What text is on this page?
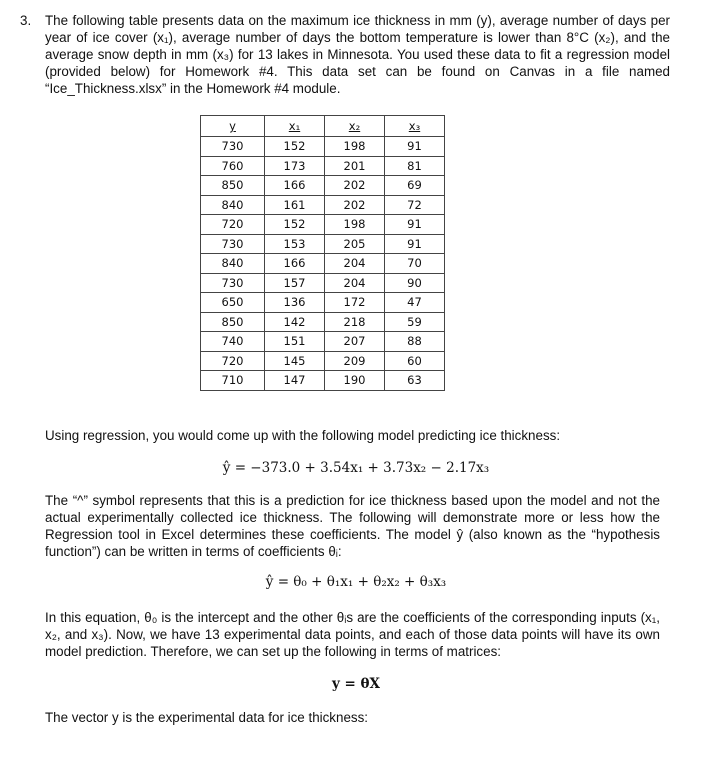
3. The following table presents data on the maximum ice thickness in mm (y), average number of days per year of ice cover (x₁), average number of days the bottom temperature is lower than 8°C (x₂), and the average snow depth in mm (x₃) for 13 lakes in Minnesota. You used these data to fit a regression model (provided below) for Homework #4. This data set can be found on Canvas in a file named “Ice_Thickness.xlsx” in the Homework #4 module.
y	x₁	x₂	x₃
730	152	198	91
760	173	201	81
850	166	202	69
840	161	202	72
720	152	198	91
730	153	205	91
840	166	204	70
730	157	204	90
650	136	172	47
850	142	218	59
740	151	207	88
720	145	209	60
710	147	190	63
Using regression, you would come up with the following model predicting ice thickness:
ŷ = −373.0 + 3.54x₁ + 3.73x₂ − 2.17x₃
The “^” symbol represents that this is a prediction for ice thickness based upon the model and not the actual experimentally collected ice thickness. The following will demonstrate more or less how the Regression tool in Excel determines these coefficients. The model ŷ (also known as the “hypothesis function”) can be written in terms of coefficients θᵢ:
ŷ = θ₀ + θ₁x₁ + θ₂x₂ + θ₃x₃
In this equation, θ₀ is the intercept and the other θᵢs are the coefficients of the corresponding inputs (x₁, x₂, and x₃). Now, we have 13 experimental data points, and each of those data points will have its own model prediction. Therefore, we can set up the following in terms of matrices:
y = θX
The vector y is the experimental data for ice thickness:
